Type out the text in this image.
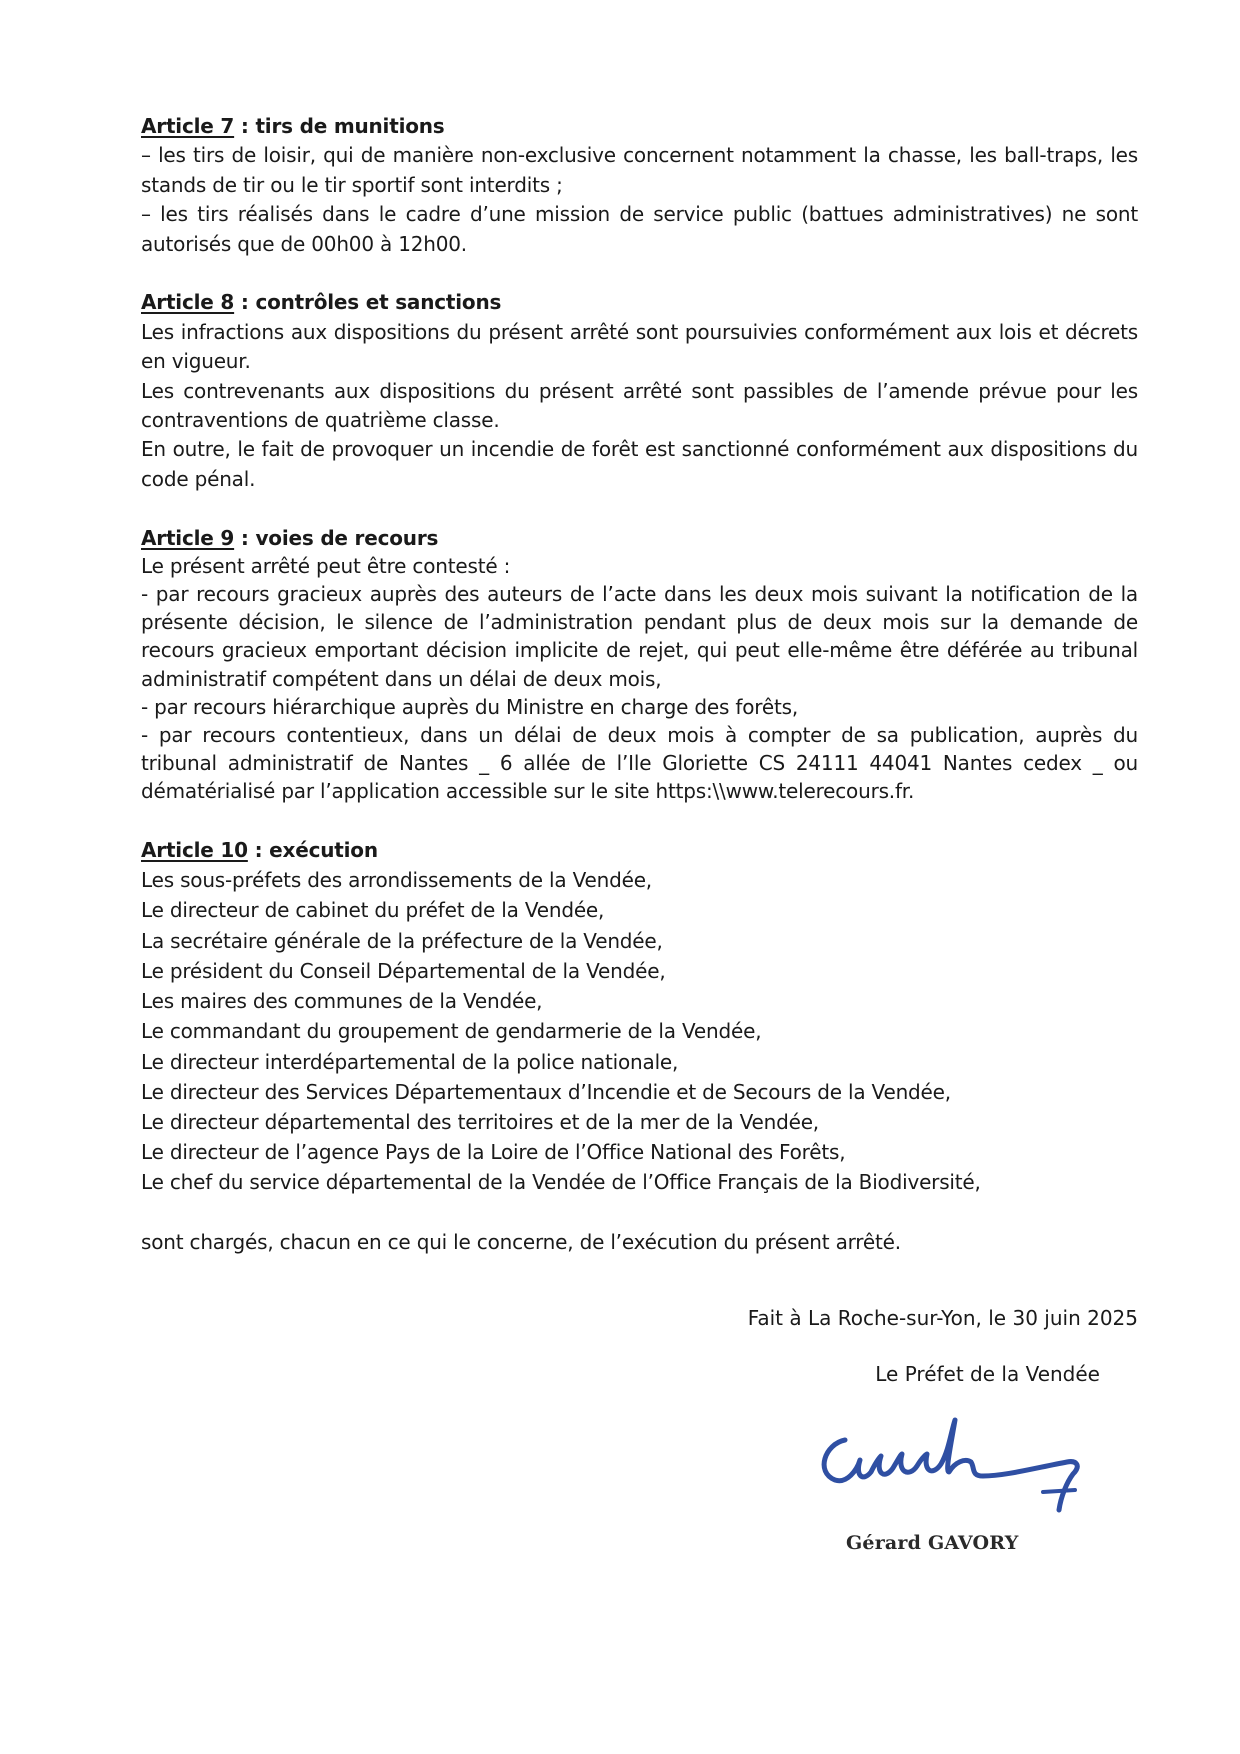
Article 7 : tirs de munitions

– les tirs de loisir, qui de manière non-exclusive concernent notamment la chasse, les ball-traps, les stands de tir ou le tir sportif sont interdits ;

– les tirs réalisés dans le cadre d’une mission de service public (battues administratives) ne sont autorisés que de 00h00 à 12h00.

Article 8 : contrôles et sanctions

Les infractions aux dispositions du présent arrêté sont poursuivies conformément aux lois et décrets en vigueur.

Les contrevenants aux dispositions du présent arrêté sont passibles de l’amende prévue pour les contraventions de quatrième classe.

En outre, le fait de provoquer un incendie de forêt est sanctionné conformément aux dispositions du code pénal.

Article 9 : voies de recours

Le présent arrêté peut être contesté :

- par recours gracieux auprès des auteurs de l’acte dans les deux mois suivant la notification de la présente décision, le silence de l’administration pendant plus de deux mois sur la demande de recours gracieux emportant décision implicite de rejet, qui peut elle-même être déférée au tribunal administratif compétent dans un délai de deux mois,

- par recours hiérarchique auprès du Ministre en charge des forêts,

- par recours contentieux, dans un délai de deux mois à compter de sa publication, auprès du tribunal administratif de Nantes _ 6 allée de l’Ile Gloriette CS 24111 44041 Nantes cedex _ ou dématérialisé par l’application accessible sur le site https:\\www.telerecours.fr.

Article 10 : exécution

Les sous-préfets des arrondissements de la Vendée,

Le directeur de cabinet du préfet de la Vendée,

La secrétaire générale de la préfecture de la Vendée,

Le président du Conseil Départemental de la Vendée,

Les maires des communes de la Vendée,

Le commandant du groupement de gendarmerie de la Vendée,

Le directeur interdépartemental de la police nationale,

Le directeur des Services Départementaux d’Incendie et de Secours de la Vendée,

Le directeur départemental des territoires et de la mer de la Vendée,

Le directeur de l’agence Pays de la Loire de l’Office National des Forêts,

Le chef du service départemental de la Vendée de l’Office Français de la Biodiversité,

sont chargés, chacun en ce qui le concerne, de l’exécution du présent arrêté.

Fait à La Roche-sur-Yon, le 30 juin 2025
Le Préfet de la Vendée
Gérard GAVORY
